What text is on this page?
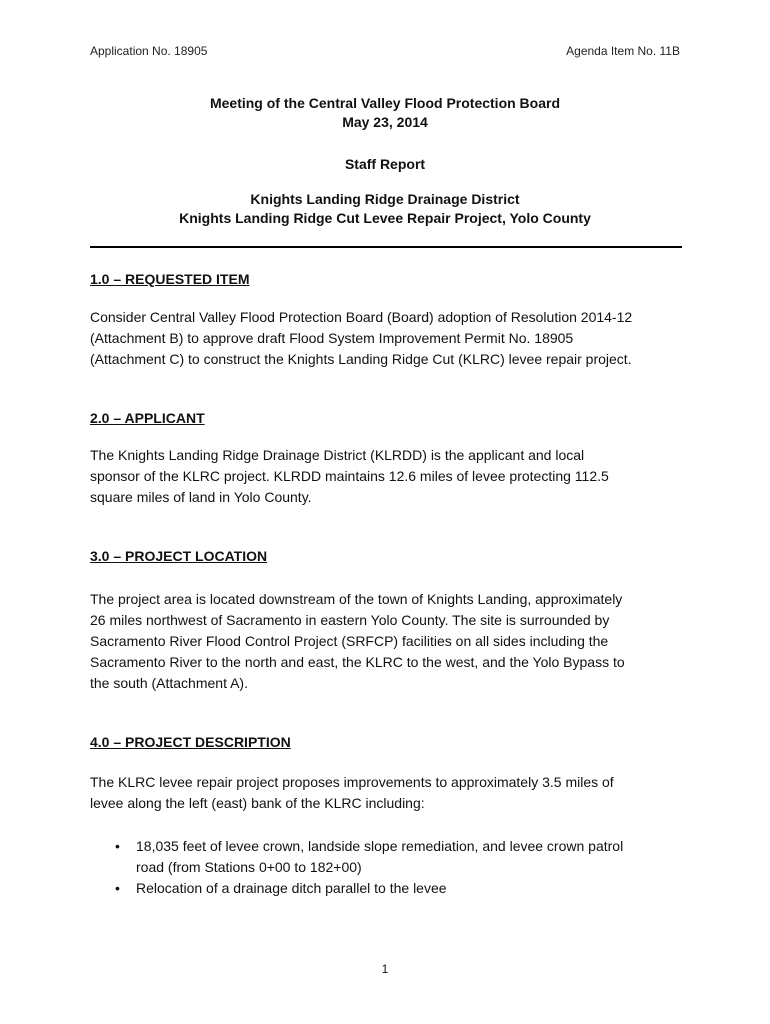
Application No. 18905	Agenda Item No. 11B
Meeting of the Central Valley Flood Protection Board
May 23, 2014
Staff Report
Knights Landing Ridge Drainage District
Knights Landing Ridge Cut Levee Repair Project, Yolo County
1.0 – REQUESTED ITEM
Consider Central Valley Flood Protection Board (Board) adoption of Resolution 2014-12
(Attachment B) to approve draft Flood System Improvement Permit No. 18905
(Attachment C) to construct the Knights Landing Ridge Cut (KLRC) levee repair project.
2.0 – APPLICANT
The Knights Landing Ridge Drainage District (KLRDD) is the applicant and local
sponsor of the KLRC project. KLRDD maintains 12.6 miles of levee protecting 112.5
square miles of land in Yolo County.
3.0 – PROJECT LOCATION
The project area is located downstream of the town of Knights Landing, approximately
26 miles northwest of Sacramento in eastern Yolo County. The site is surrounded by
Sacramento River Flood Control Project (SRFCP) facilities on all sides including the
Sacramento River to the north and east, the KLRC to the west, and the Yolo Bypass to
the south (Attachment A).
4.0 – PROJECT DESCRIPTION
The KLRC levee repair project proposes improvements to approximately 3.5 miles of
levee along the left (east) bank of the KLRC including:
• 18,035 feet of levee crown, landside slope remediation, and levee crown patrol
road (from Stations 0+00 to 182+00)
• Relocation of a drainage ditch parallel to the levee
1
